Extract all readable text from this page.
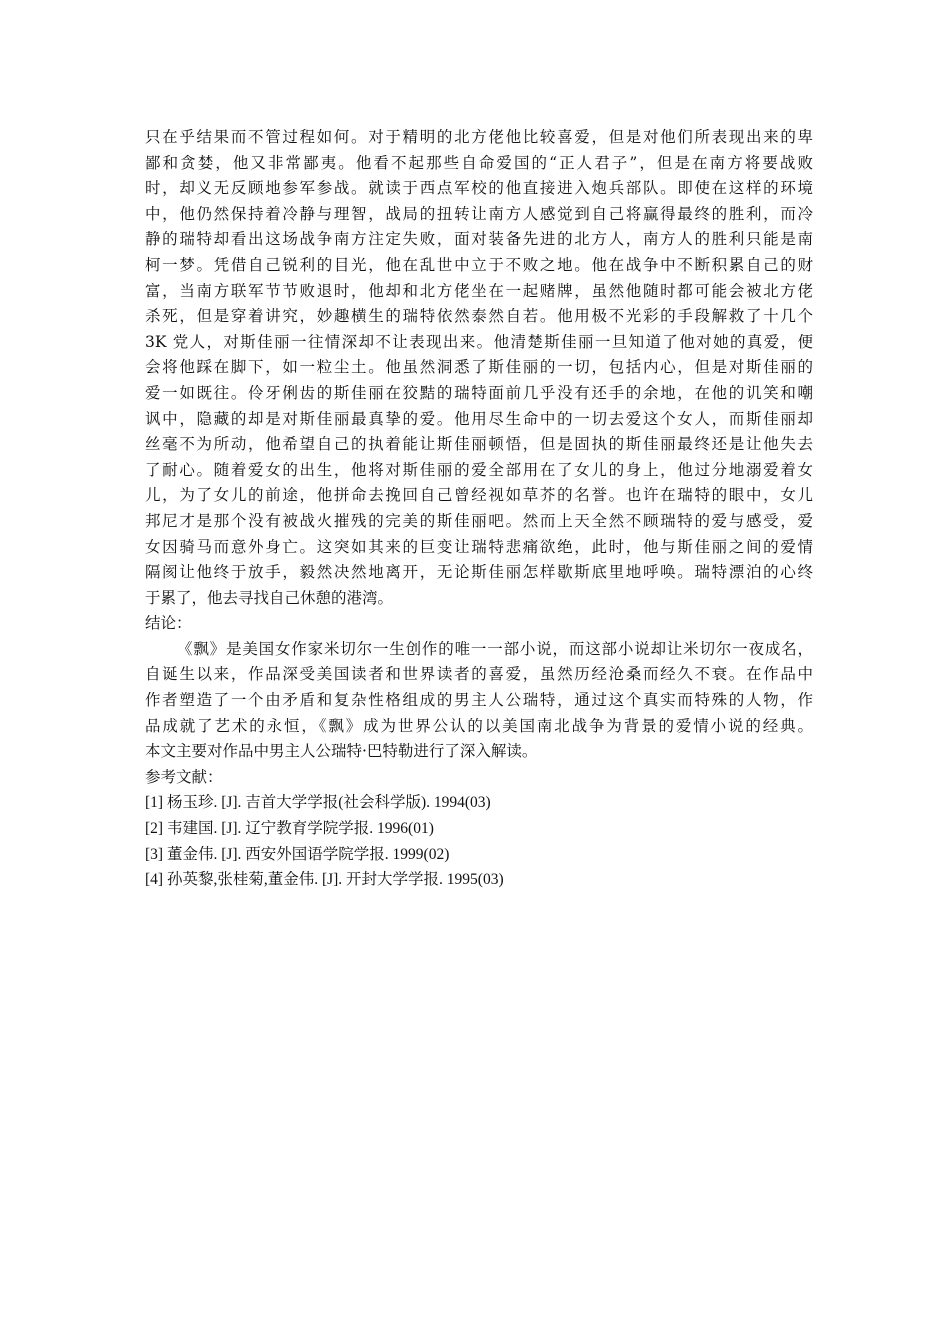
只在乎结果而不管过程如何。对于精明的北方佬他比较喜爱，但是对他们所表现出来的卑
鄙和贪婪，他又非常鄙夷。他看不起那些自命爱国的“正人君子”，但是在南方将要战败
时，却义无反顾地参军参战。就读于西点军校的他直接进入炮兵部队。即使在这样的环境
中，他仍然保持着冷静与理智，战局的扭转让南方人感觉到自己将赢得最终的胜利，而冷
静的瑞特却看出这场战争南方注定失败，面对装备先进的北方人，南方人的胜利只能是南
柯一梦。凭借自己锐利的目光，他在乱世中立于不败之地。他在战争中不断积累自己的财
富，当南方联军节节败退时，他却和北方佬坐在一起赌牌，虽然他随时都可能会被北方佬
杀死，但是穿着讲究，妙趣横生的瑞特依然泰然自若。他用极不光彩的手段解救了十几个
3K 党人，对斯佳丽一往情深却不让表现出来。他清楚斯佳丽一旦知道了他对她的真爱，便
会将他踩在脚下，如一粒尘土。他虽然洞悉了斯佳丽的一切，包括内心，但是对斯佳丽的
爱一如既往。伶牙俐齿的斯佳丽在狡黠的瑞特面前几乎没有还手的余地，在他的讥笑和嘲
讽中，隐藏的却是对斯佳丽最真挚的爱。他用尽生命中的一切去爱这个女人，而斯佳丽却
丝毫不为所动，他希望自己的执着能让斯佳丽顿悟，但是固执的斯佳丽最终还是让他失去
了耐心。随着爱女的出生，他将对斯佳丽的爱全部用在了女儿的身上，他过分地溺爱着女
儿，为了女儿的前途，他拼命去挽回自己曾经视如草芥的名誉。也许在瑞特的眼中，女儿
邦尼才是那个没有被战火摧残的完美的斯佳丽吧。然而上天全然不顾瑞特的爱与感受，爱
女因骑马而意外身亡。这突如其来的巨变让瑞特悲痛欲绝，此时，他与斯佳丽之间的爱情
隔阂让他终于放手，毅然决然地离开，无论斯佳丽怎样歇斯底里地呼唤。瑞特漂泊的心终
于累了，他去寻找自己休憩的港湾。
结论：
《飘》是美国女作家米切尔一生创作的唯一一部小说，而这部小说却让米切尔一夜成名，
自诞生以来，作品深受美国读者和世界读者的喜爱，虽然历经沧桑而经久不衰。在作品中
作者塑造了一个由矛盾和复杂性格组成的男主人公瑞特，通过这个真实而特殊的人物，作
品成就了艺术的永恒，《飘》成为世界公认的以美国南北战争为背景的爱情小说的经典。
本文主要对作品中男主人公瑞特·巴特勒进行了深入解读。
参考文献：
[1] 杨玉珍. [J]. 吉首大学学报(社会科学版). 1994(03)
[2] 韦建国. [J]. 辽宁教育学院学报. 1996(01)
[3] 董金伟. [J]. 西安外国语学院学报. 1999(02)
[4] 孙英黎,张桂菊,董金伟. [J]. 开封大学学报. 1995(03)
